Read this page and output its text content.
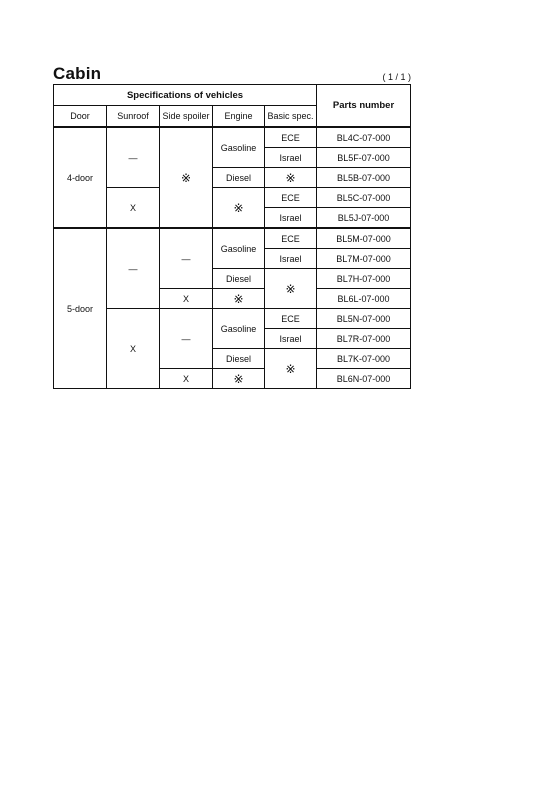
Cabin	( 1 / 1 )
Specifications of vehicles					Parts number
Door	Sunroof	Side spoiler	Engine	Basic spec.	
4-door	—	※	Gasoline	ECE	BL4C-07-000
				Israel	BL5F-07-000
			Diesel	※	BL5B-07-000
	X		※	ECE	BL5C-07-000
				Israel	BL5J-07-000
5-door	—	—	Gasoline	ECE	BL5M-07-000
				Israel	BL7M-07-000
			Diesel	※	BL7H-07-000
		X	※		BL6L-07-000
	X	—	Gasoline	ECE	BL5N-07-000
				Israel	BL7R-07-000
			Diesel	※	BL7K-07-000
		X	※		BL6N-07-000
